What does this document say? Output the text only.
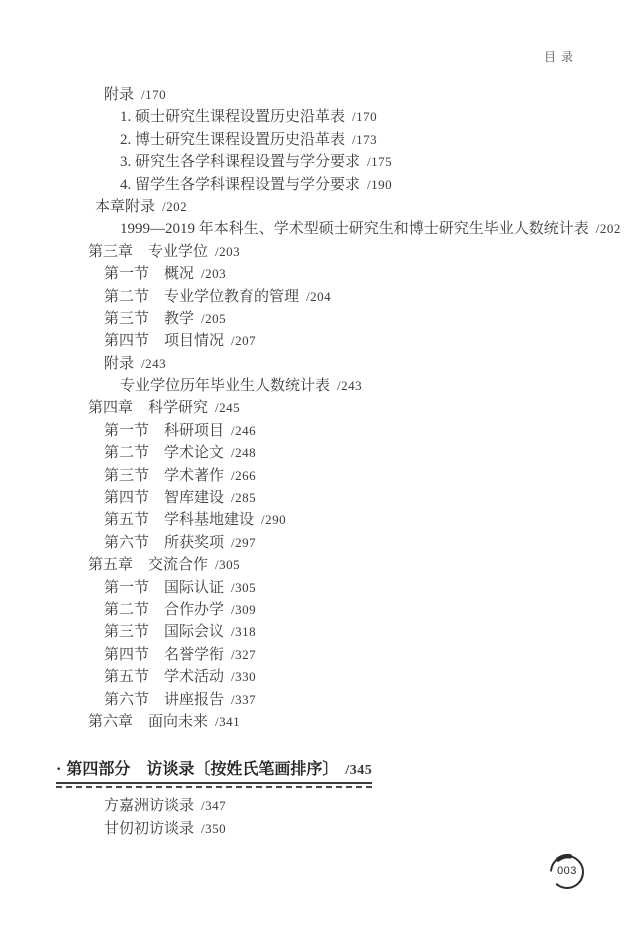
目录
附录 /170
1. 硕士研究生课程设置历史沿革表 /170
2. 博士研究生课程设置历史沿革表 /173
3. 研究生各学科课程设置与学分要求 /175
4. 留学生各学科课程设置与学分要求 /190
本章附录 /202
1999—2019 年本科生、学术型硕士研究生和博士研究生毕业人数统计表 /202
第三章　专业学位 /203
第一节　概况 /203
第二节　专业学位教育的管理 /204
第三节　教学 /205
第四节　项目情况 /207
附录 /243
专业学位历年毕业生人数统计表 /243
第四章　科学研究 /245
第一节　科研项目 /246
第二节　学术论文 /248
第三节　学术著作 /266
第四节　智库建设 /285
第五节　学科基地建设 /290
第六节　所获奖项 /297
第五章　交流合作 /305
第一节　国际认证 /305
第二节　合作办学 /309
第三节　国际会议 /318
第四节　名誉学衔 /327
第五节　学术活动 /330
第六节　讲座报告 /337
第六章　面向未来 /341
· 第四部分　访谈录〔按姓氏笔画排序〕 /345
方嘉洲访谈录 /347
甘仞初访谈录 /350
003
